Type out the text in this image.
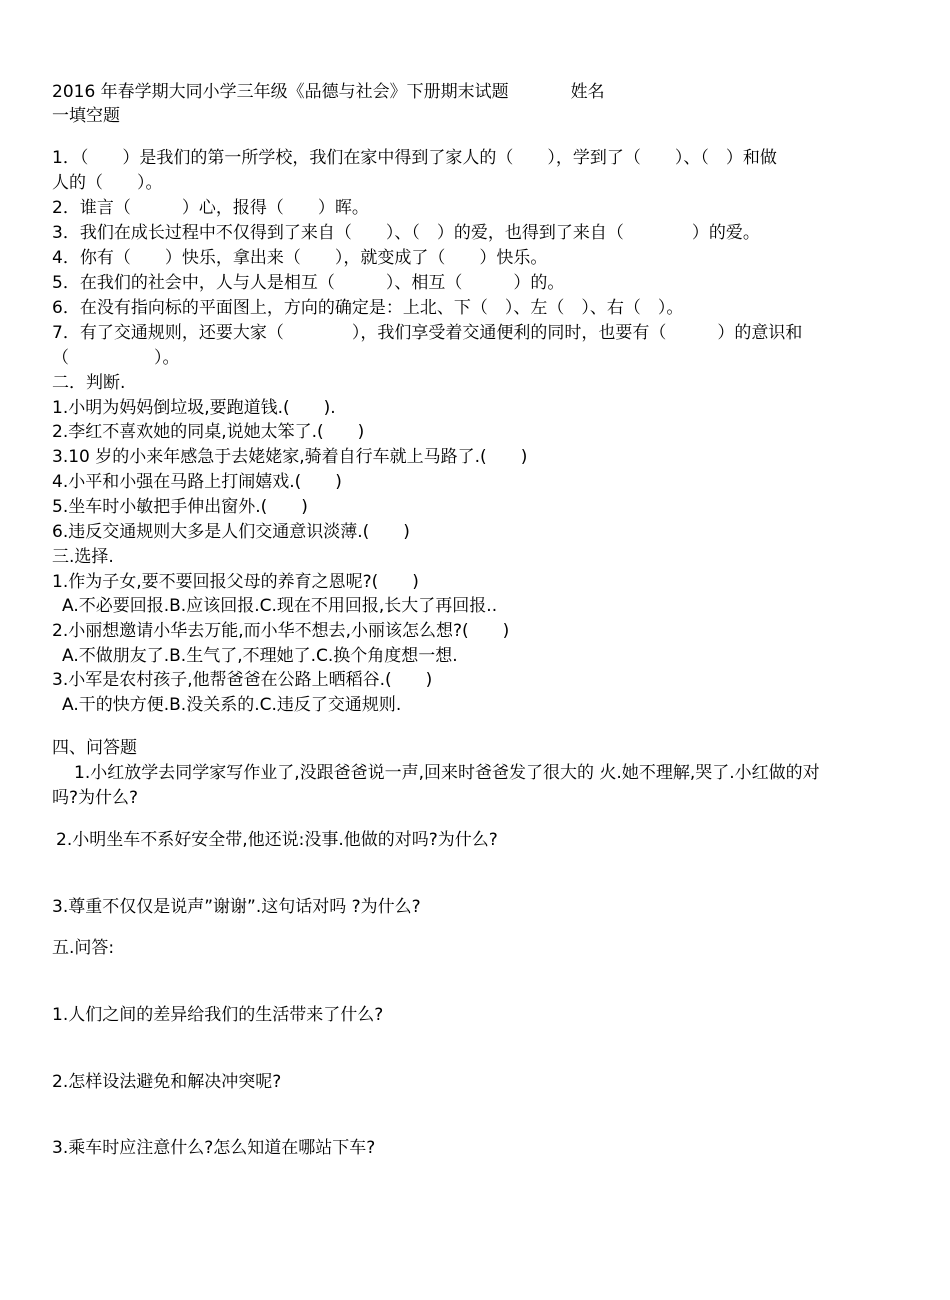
2016 年春学期大同小学三年级《品德与社会》下册期末试题	姓名

一填空题

1．（　　）是我们的第一所学校，我们在家中得到了家人的（　　），学到了（　　）、（　）和做

人的（　　）。

2．谁言（　　　）心，报得（　　）晖。

3．我们在成长过程中不仅得到了来自（　　）、（　）的爱，也得到了来自（　　　　）的爱。

4．你有（　　）快乐，拿出来（　　），就变成了（　　）快乐。

5．在我们的社会中，人与人是相互（　　　）、相互（　　　）的。

6．在没有指向标的平面图上，方向的确定是：上北、下（　）、左（　）、右（　）。

7．有了交通规则，还要大家（　　　　），我们享受着交通便利的同时，也要有（　　　）的意识和

（　　　　　）。

二．判断.

1.小明为妈妈倒垃圾,要跑道钱.(　　).

2.李红不喜欢她的同桌,说她太笨了.(　　)

3.10 岁的小来年感急于去姥姥家,骑着自行车就上马路了.(　　)

4.小平和小强在马路上打闹嬉戏.(　　)

5.坐车时小敏把手伸出窗外.(　　)

6.违反交通规则大多是人们交通意识淡薄.(　　)

三.选择.

1.作为子女,要不要回报父母的养育之恩呢?(　　)

A.不必要回报.B.应该回报.C.现在不用回报,长大了再回报..

2.小丽想邀请小华去万能,而小华不想去,小丽该怎么想?(　　)

A.不做朋友了.B.生气了,不理她了.C.换个角度想一想.

3.小军是农村孩子,他帮爸爸在公路上晒稻谷.(　　)

A.干的快方便.B.没关系的.C.违反了交通规则.

四、问答题

1.小红放学去同学家写作业了,没跟爸爸说一声,回来时爸爸发了很大的 火.她不理解,哭了.小红做的对

吗?为什么?

2.小明坐车不系好安全带,他还说:没事.他做的对吗?为什么?

3.尊重不仅仅是说声”谢谢”.这句话对吗 ?为什么?

五.问答:

1.人们之间的差异给我们的生活带来了什么?

2.怎样设法避免和解决冲突呢?

3.乘车时应注意什么?怎么知道在哪站下车?
